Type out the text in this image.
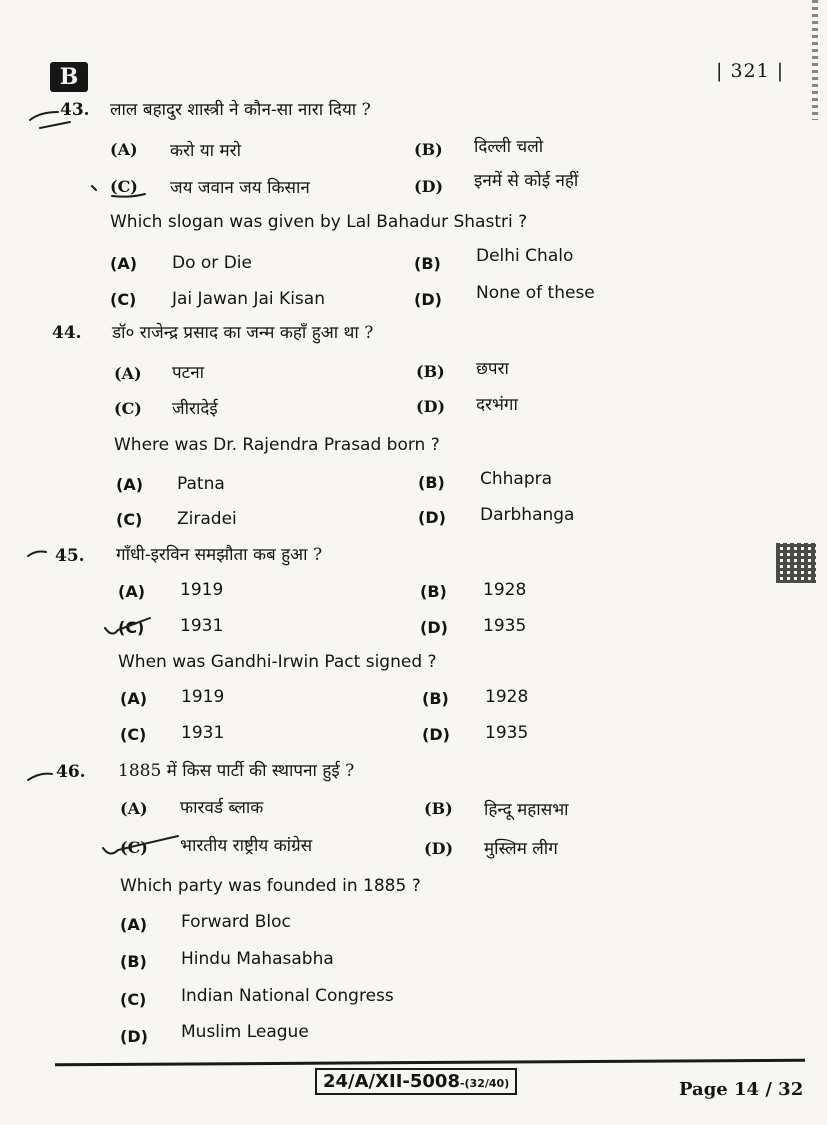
B	| 321 |
43. लाल बहादुर शास्त्री ने कौन-सा नारा दिया ?
(A) करो या मरो	(B) दिल्ली चलो
(C) जय जवान जय किसान	(D) इनमें से कोई नहीं
Which slogan was given by Lal Bahadur Shastri ?
(A) Do or Die	(B) Delhi Chalo
(C) Jai Jawan Jai Kisan	(D) None of these
44. डॉ० राजेन्द्र प्रसाद का जन्म कहाँ हुआ था ?
(A) पटना	(B) छपरा
(C) जीरादेई	(D) दरभंगा
Where was Dr. Rajendra Prasad born ?
(A) Patna	(B) Chhapra
(C) Ziradei	(D) Darbhanga
45. गाँधी-इरविन समझौता कब हुआ ?
(A) 1919	(B) 1928
(C) 1931	(D) 1935
When was Gandhi-Irwin Pact signed ?
(A) 1919	(B) 1928
(C) 1931	(D) 1935
46. 1885 में किस पार्टी की स्थापना हुई ?
(A) फारवर्ड ब्लाक	(B) हिन्दू महासभा
(C) भारतीय राष्ट्रीय कांग्रेस	(D) मुस्लिम लीग
Which party was founded in 1885 ?
(A) Forward Bloc
(B) Hindu Mahasabha
(C) Indian National Congress
(D) Muslim League
24/A/XII-5008-(32/40)	Page 14 / 32
